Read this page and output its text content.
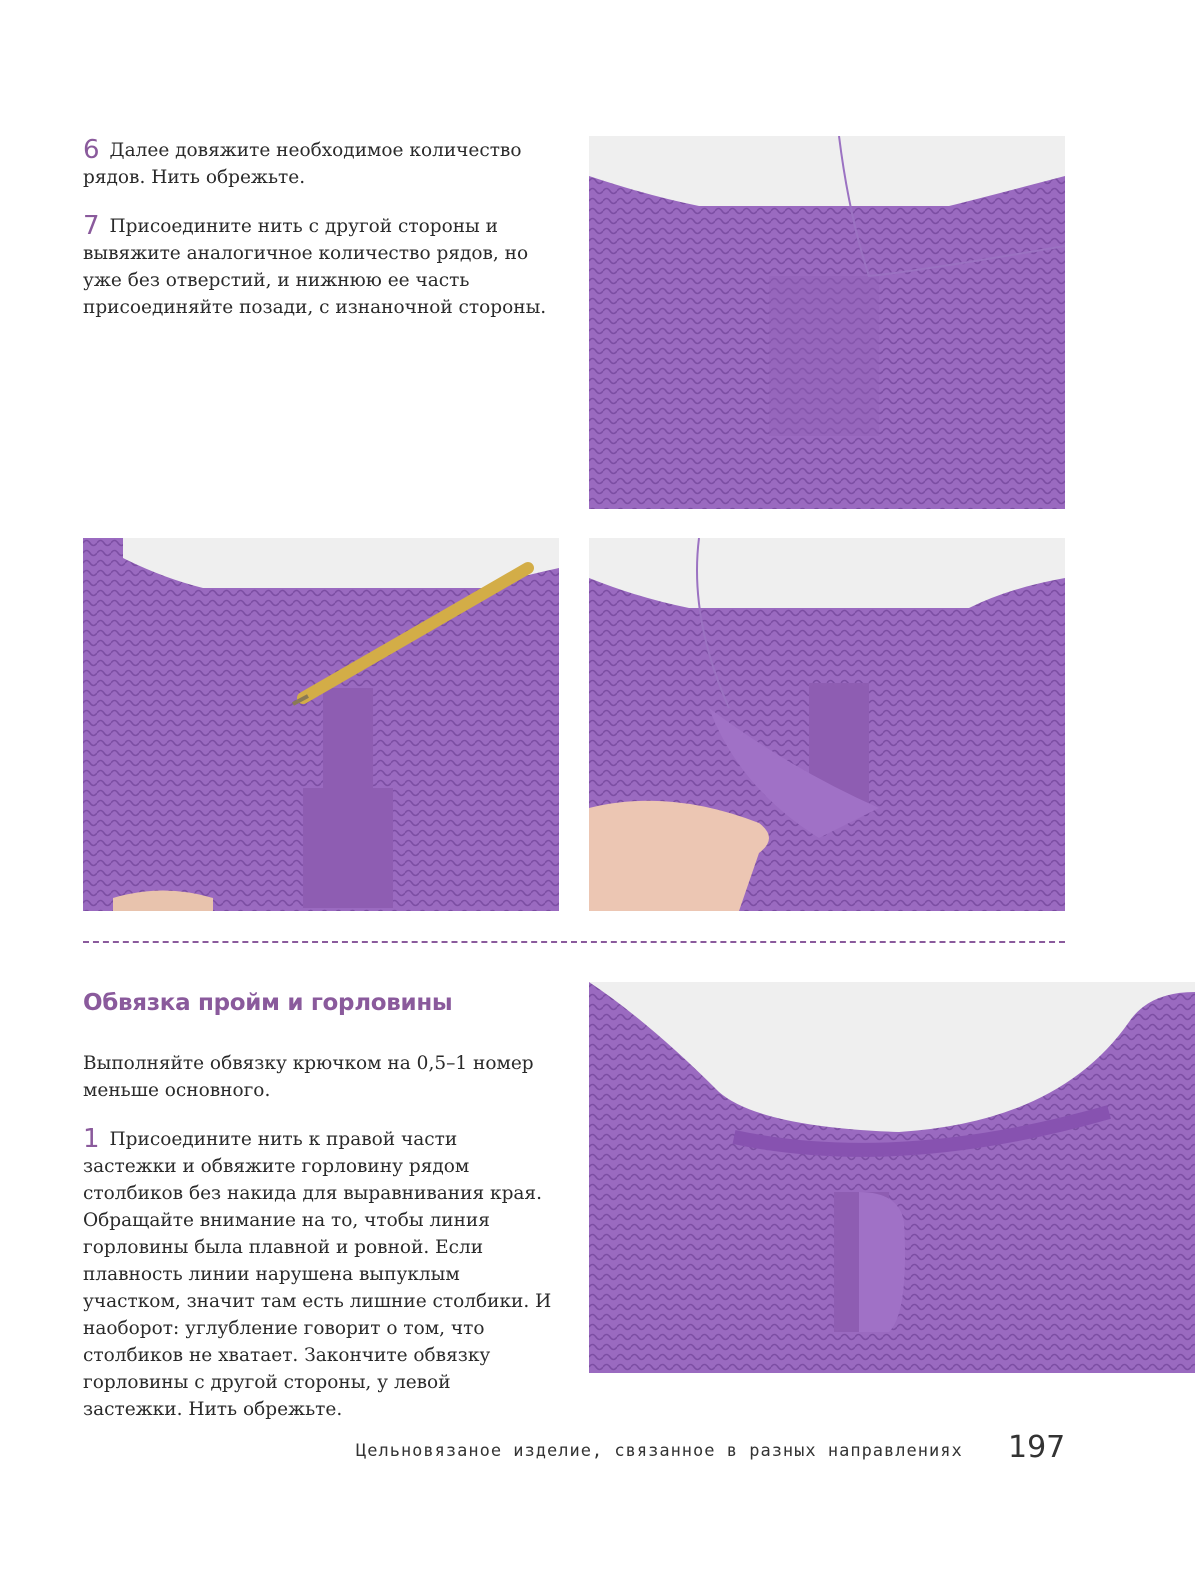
6 Далее довяжите необходимое количество рядов. Нить обрежьте.

7 Присоедините нить с другой стороны и вывяжите аналогичное количество рядов, но уже без отверстий, и нижнюю ее часть присоединяйте позади, с изнаночной стороны.

Обвязка пройм и горловины

Выполняйте обвязку крючком на 0,5–1 номер меньше основного.

1 Присоедините нить к правой части застежки и обвяжите горловину рядом столбиков без накида для выравнивания края. Обращайте внимание на то, чтобы линия горловины была плавной и ровной. Если плавность линии нарушена выпуклым участком, значит там есть лишние столбики. И наоборот: углубление говорит о том, что столбиков не хватает. Закончите обвязку горловины с другой стороны, у левой застежки. Нить обрежьте.

Цельновязаное изделие, связанное в разных направлениях 197
